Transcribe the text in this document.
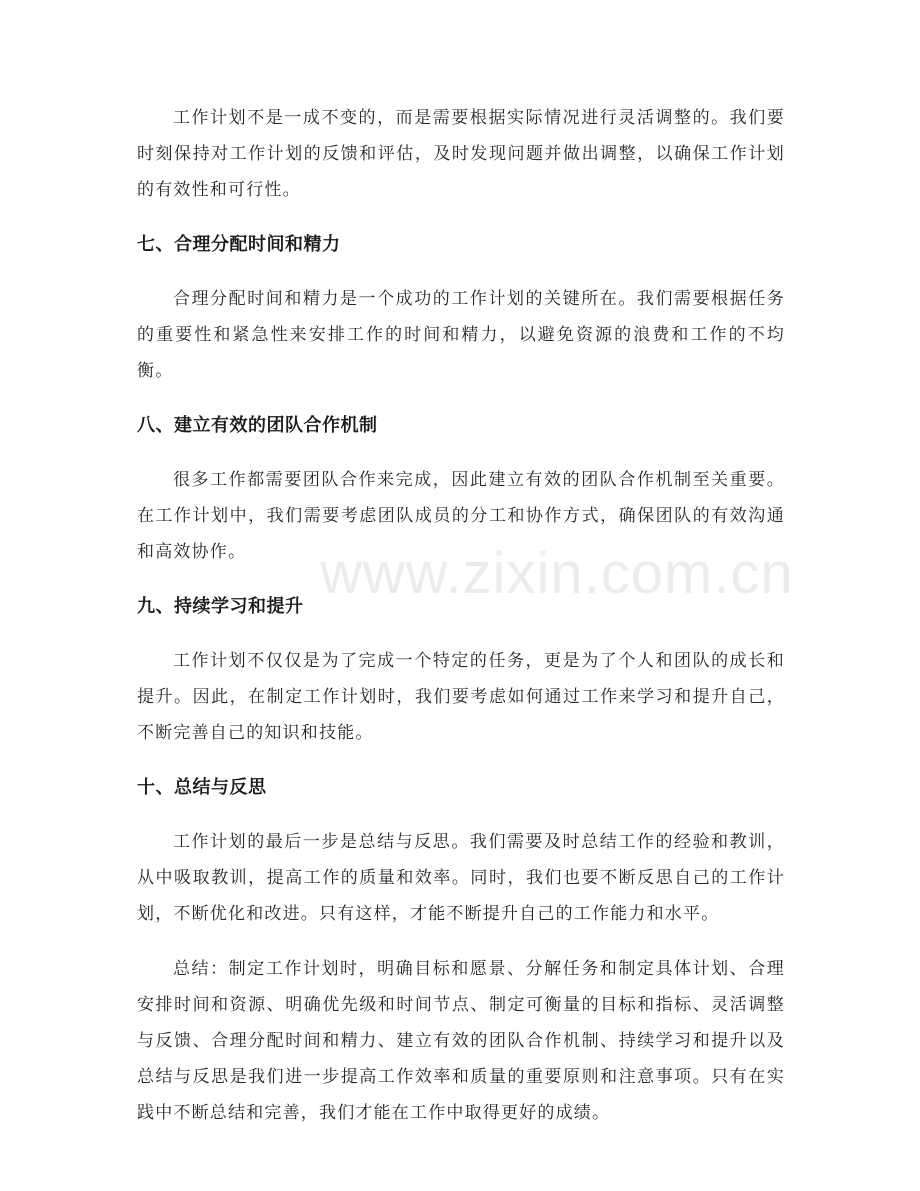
www.zixin.com.cn

工作计划不是一成不变的，而是需要根据实际情况进行灵活调整的。我们要时刻保持对工作计划的反馈和评估，及时发现问题并做出调整，以确保工作计划的有效性和可行性。

七、合理分配时间和精力

合理分配时间和精力是一个成功的工作计划的关键所在。我们需要根据任务的重要性和紧急性来安排工作的时间和精力，以避免资源的浪费和工作的不均衡。

八、建立有效的团队合作机制

很多工作都需要团队合作来完成，因此建立有效的团队合作机制至关重要。在工作计划中，我们需要考虑团队成员的分工和协作方式，确保团队的有效沟通和高效协作。

九、持续学习和提升

工作计划不仅仅是为了完成一个特定的任务，更是为了个人和团队的成长和提升。因此，在制定工作计划时，我们要考虑如何通过工作来学习和提升自己，不断完善自己的知识和技能。

十、总结与反思

工作计划的最后一步是总结与反思。我们需要及时总结工作的经验和教训，从中吸取教训，提高工作的质量和效率。同时，我们也要不断反思自己的工作计划，不断优化和改进。只有这样，才能不断提升自己的工作能力和水平。

总结：制定工作计划时，明确目标和愿景、分解任务和制定具体计划、合理安排时间和资源、明确优先级和时间节点、制定可衡量的目标和指标、灵活调整与反馈、合理分配时间和精力、建立有效的团队合作机制、持续学习和提升以及总结与反思是我们进一步提高工作效率和质量的重要原则和注意事项。只有在实践中不断总结和完善，我们才能在工作中取得更好的成绩。
